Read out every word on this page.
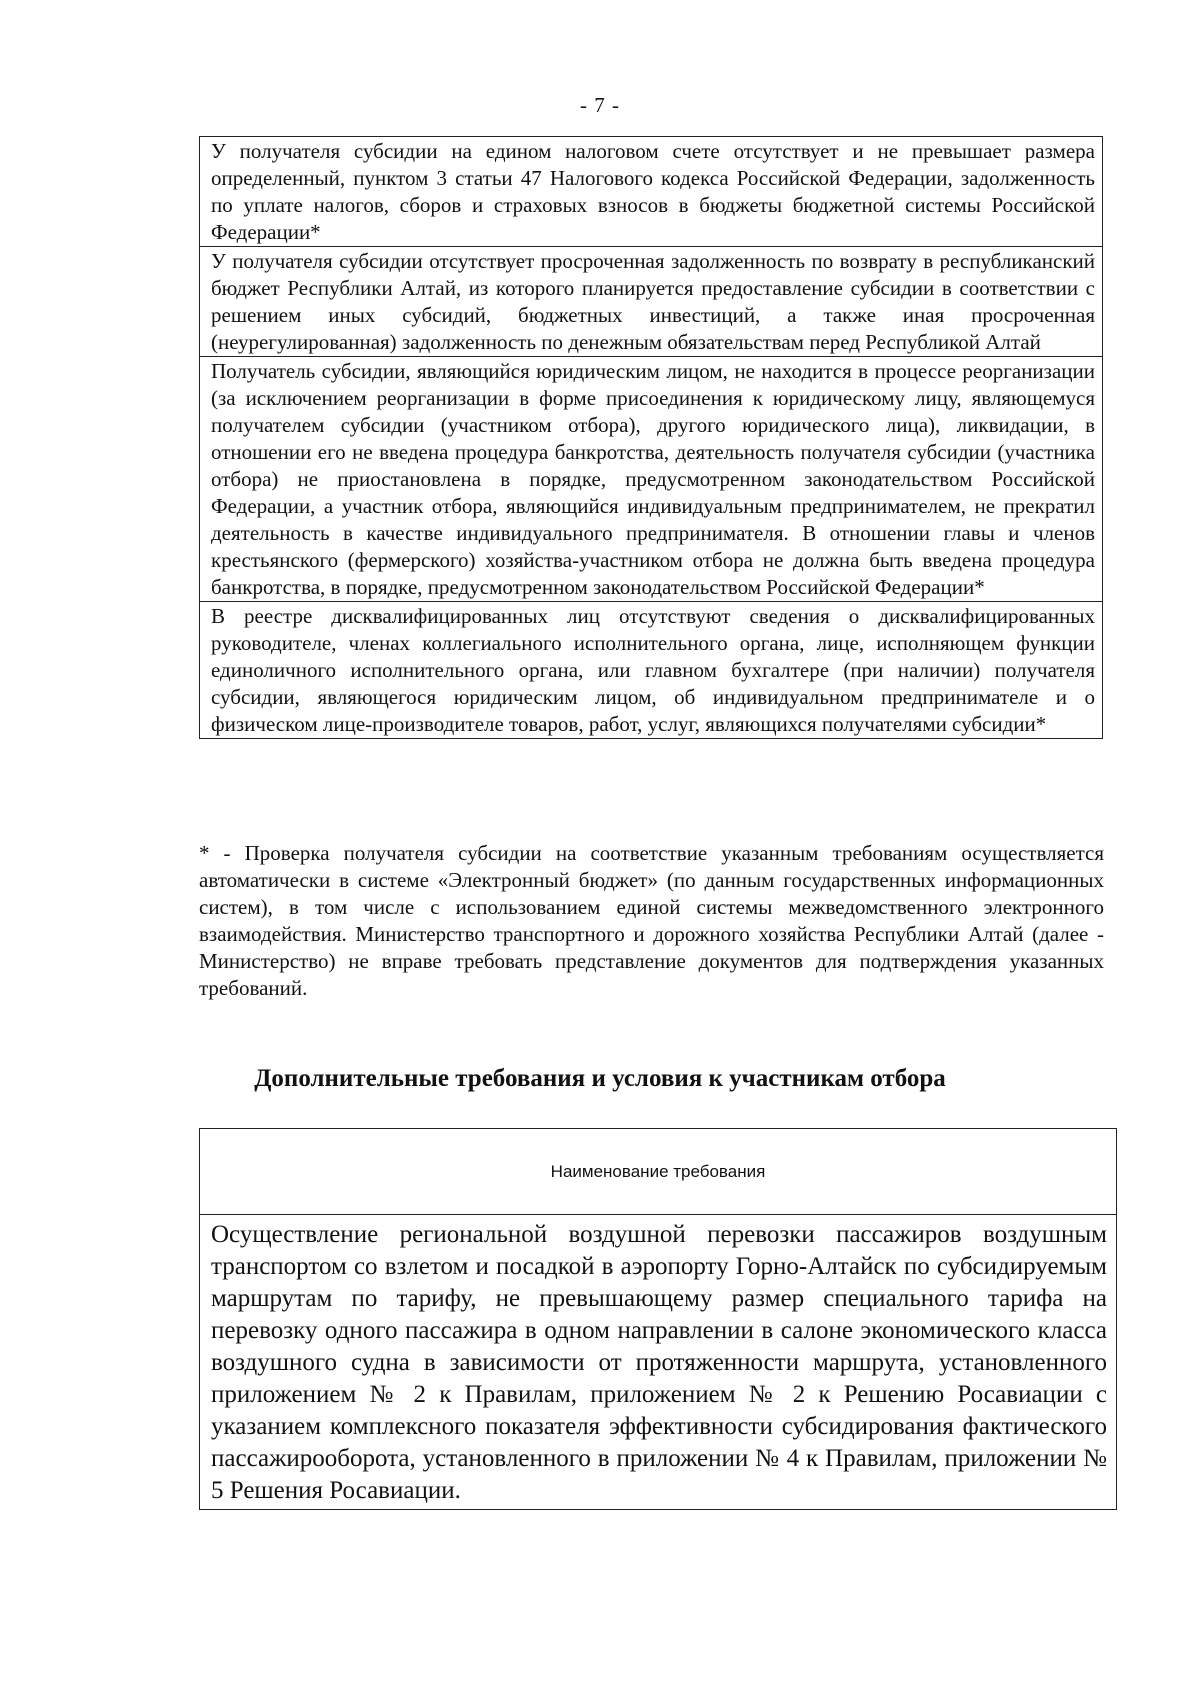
- 7 -
У получателя субсидии на едином налоговом счете отсутствует и не превышает размера определенный, пунктом 3 статьи 47 Налогового кодекса Российской Федерации, задолженность по уплате налогов, сборов и страховых взносов в бюджеты бюджетной системы Российской Федерации*
У получателя субсидии отсутствует просроченная задолженность по возврату в республиканский бюджет Республики Алтай, из которого планируется предоставление субсидии в соответствии с решением иных субсидий, бюджетных инвестиций, а также иная просроченная (неурегулированная) задолженность по денежным обязательствам перед Республикой Алтай
Получатель субсидии, являющийся юридическим лицом, не находится в процессе реорганизации (за исключением реорганизации в форме присоединения к юридическому лицу, являющемуся получателем субсидии (участником отбора), другого юридического лица), ликвидации, в отношении его не введена процедура банкротства, деятельность получателя субсидии (участника отбора) не приостановлена в порядке, предусмотренном законодательством Российской Федерации, а участник отбора, являющийся индивидуальным предпринимателем, не прекратил деятельность в качестве индивидуального предпринимателя. В отношении главы и членов крестьянского (фермерского) хозяйства-участником отбора не должна быть введена процедура банкротства, в порядке, предусмотренном законодательством Российской Федерации*
В реестре дисквалифицированных лиц отсутствуют сведения о дисквалифицированных руководителе, членах коллегиального исполнительного органа, лице, исполняющем функции единоличного исполнительного органа, или главном бухгалтере (при наличии) получателя субсидии, являющегося юридическим лицом, об индивидуальном предпринимателе и о физическом лице-производителе товаров, работ, услуг, являющихся получателями субсидии*

* - Проверка получателя субсидии на соответствие указанным требованиям осуществляется автоматически в системе «Электронный бюджет» (по данным государственных информационных систем), в том числе с использованием единой системы межведомственного электронного взаимодействия. Министерство транспортного и дорожного хозяйства Республики Алтай (далее - Министерство) не вправе требовать представление документов для подтверждения указанных требований.

Дополнительные требования и условия к участникам отбора
Наименование требования
Осуществление региональной воздушной перевозки пассажиров воздушным транспортом со взлетом и посадкой в аэропорту Горно-Алтайск по субсидируемым маршрутам по тарифу, не превышающему размер специального тарифа на перевозку одного пассажира в одном направлении в салоне экономического класса воздушного судна в зависимости от протяженности маршрута, установленного приложением № 2 к Правилам, приложением № 2 к Решению Росавиации с указанием комплексного показателя эффективности субсидирования фактического пассажирооборота, установленного в приложении № 4 к Правилам, приложении № 5 Решения Росавиации.
